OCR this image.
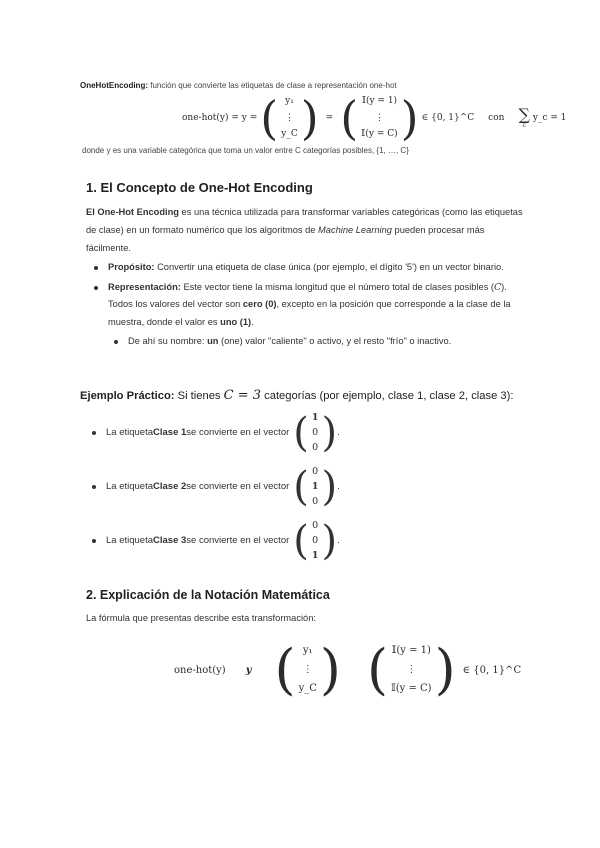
OneHotEncoding: función que convierte las etiquetas de clase a representación one-hot
one-hot(y) = y = ( y₁
⋮
y_C ) = ( 𝕀(y = 1)
⋮
𝕀(y = C) ) ∈ {0, 1}^C con ∑
c
y_c = 1
donde y es una variable categórica que toma un valor entre C categorías posibles, {1, …, C}
1. El Concepto de One-Hot Encoding
El One-Hot Encoding es una técnica utilizada para transformar variables categóricas (como las etiquetas de clase) en un formato numérico que los algoritmos de Machine Learning pueden procesar más fácilmente.
Propósito: Convertir una etiqueta de clase única (por ejemplo, el dígito '5') en un vector binario.
Representación: Este vector tiene la misma longitud que el número total de clases posibles (C). Todos los valores del vector son cero (0), excepto en la posición que corresponde a la clase de la muestra, donde el valor es uno (1).
De ahí su nombre: un (one) valor "caliente" o activo, y el resto "frío" o inactivo.
Ejemplo Práctico: Si tienes C = 3 categorías (por ejemplo, clase 1, clase 2, clase 3):
La etiqueta Clase 1 se convierte en el vector ( 1
0
0 ) .
La etiqueta Clase 2 se convierte en el vector ( 0
1
0 ) .
La etiqueta Clase 3 se convierte en el vector ( 0
0
1 ) .
2. Explicación de la Notación Matemática
La fórmula que presentas describe esta transformación:
one-hot(y) y ( y₁
⋮
y_C ) ( 𝕀(y = 1)
⋮
𝕀(y = C) ) ∈ {0, 1}^C
